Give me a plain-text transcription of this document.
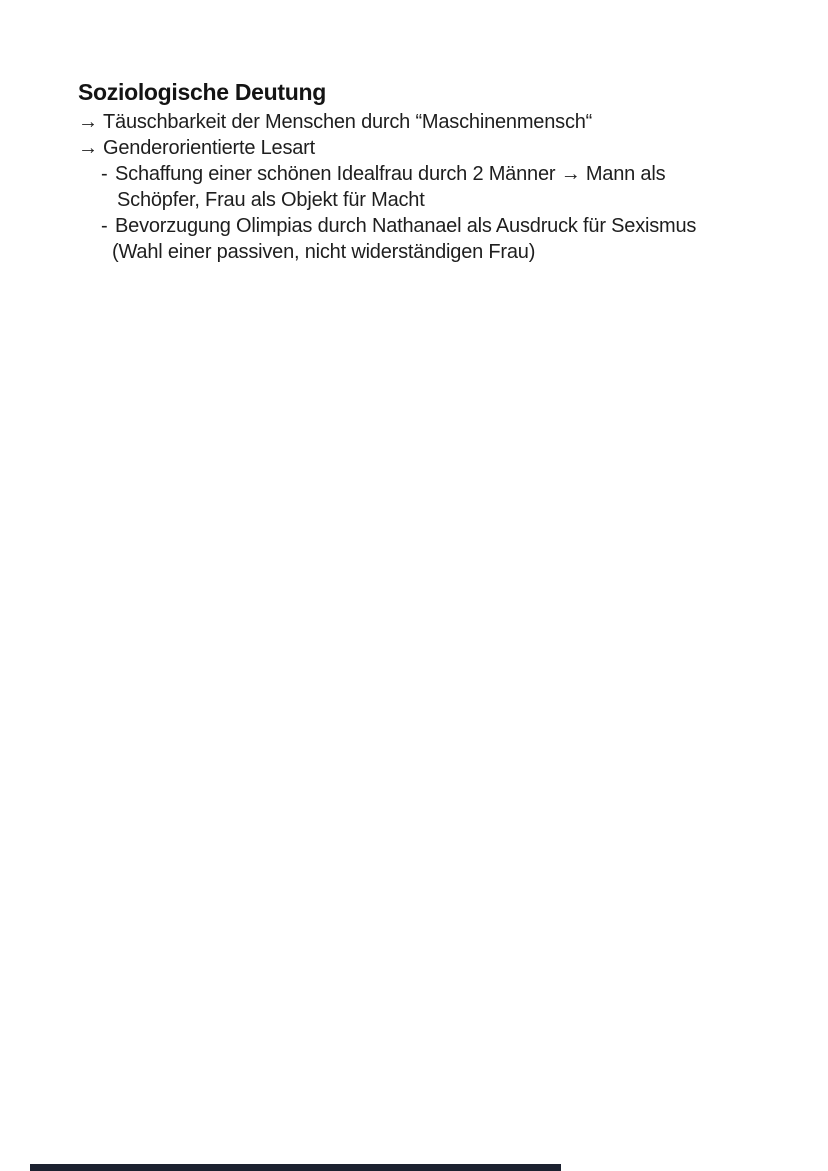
Soziologische Deutung
→ Täuschbarkeit der Menschen durch “Maschinenmensch“
→ Genderorientierte Lesart
- Schaffung einer schönen Idealfrau durch 2 Männer → Mann als
Schöpfer, Frau als Objekt für Macht
- Bevorzugung Olimpias durch Nathanael als Ausdruck für Sexismus
(Wahl einer passiven, nicht widerständigen Frau)
